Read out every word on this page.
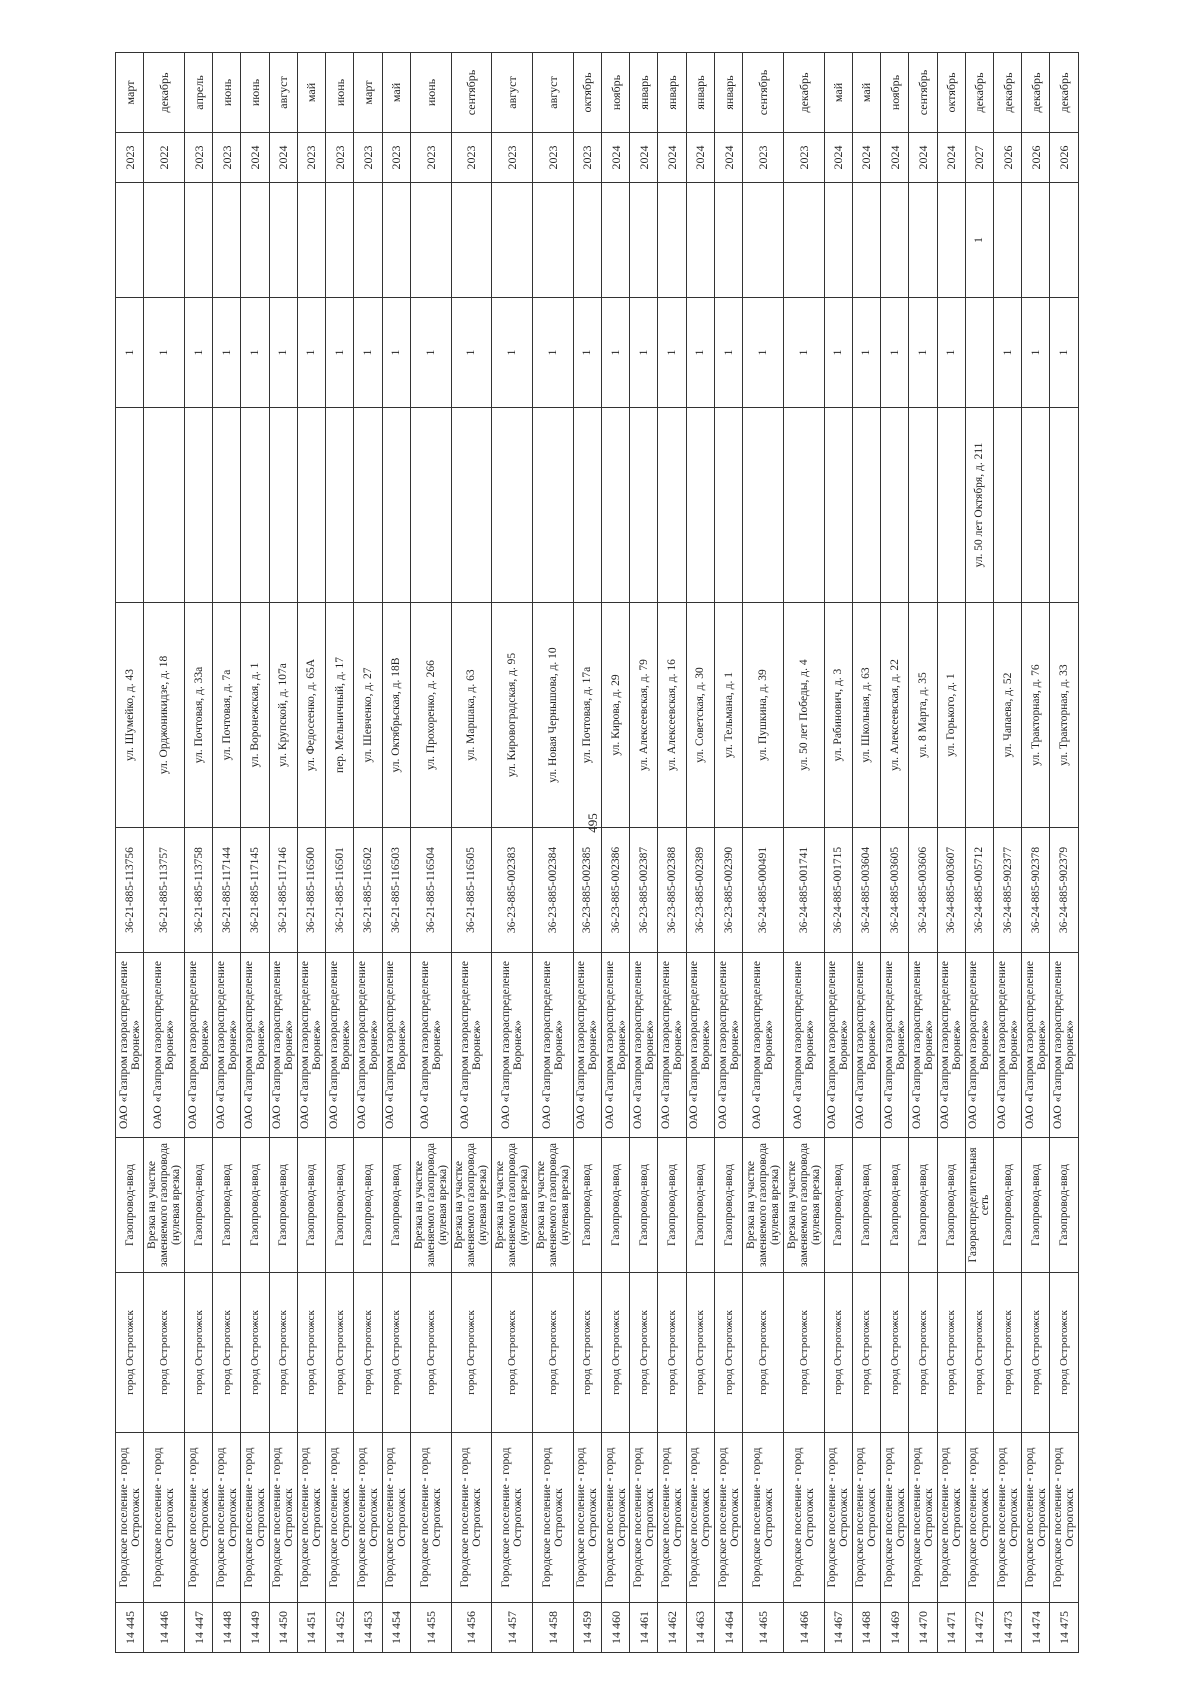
495
14 445	Городское поселение - город Острогожск	город Острогожск	Газопровод-ввод	ОАО «Газпром газораспределение Воронеж»	36-21-885-113756	ул. Шумейко, д. 43		1		2023	март
14 446	Городское поселение - город Острогожск	город Острогожск	Врезка на участке заменяемого газопровода (нулевая врезка)	ОАО «Газпром газораспределение Воронеж»	36-21-885-113757	ул. Орджоникидзе, д. 18		1		2022	декабрь
14 447	Городское поселение - город Острогожск	город Острогожск	Газопровод-ввод	ОАО «Газпром газораспределение Воронеж»	36-21-885-113758	ул. Почтовая, д. 33а		1		2023	апрель
14 448	Городское поселение - город Острогожск	город Острогожск	Газопровод-ввод	ОАО «Газпром газораспределение Воронеж»	36-21-885-117144	ул. Почтовая, д. 7а		1		2023	июнь
14 449	Городское поселение - город Острогожск	город Острогожск	Газопровод-ввод	ОАО «Газпром газораспределение Воронеж»	36-21-885-117145	ул. Воронежская, д. 1		1		2024	июнь
14 450	Городское поселение - город Острогожск	город Острогожск	Газопровод-ввод	ОАО «Газпром газораспределение Воронеж»	36-21-885-117146	ул. Крупской, д. 107а		1		2024	август
14 451	Городское поселение - город Острогожск	город Острогожск	Газопровод-ввод	ОАО «Газпром газораспределение Воронеж»	36-21-885-116500	ул. Федосеенко, д. 65А		1		2023	май
14 452	Городское поселение - город Острогожск	город Острогожск	Газопровод-ввод	ОАО «Газпром газораспределение Воронеж»	36-21-885-116501	пер. Мельничный, д. 17		1		2023	июнь
14 453	Городское поселение - город Острогожск	город Острогожск	Газопровод-ввод	ОАО «Газпром газораспределение Воронеж»	36-21-885-116502	ул. Шевченко, д. 27		1		2023	март
14 454	Городское поселение - город Острогожск	город Острогожск	Газопровод-ввод	ОАО «Газпром газораспределение Воронеж»	36-21-885-116503	ул. Октябрьская, д. 18В		1		2023	май
14 455	Городское поселение - город Острогожск	город Острогожск	Врезка на участке заменяемого газопровода (нулевая врезка)	ОАО «Газпром газораспределение Воронеж»	36-21-885-116504	ул. Прохоренко, д. 266		1		2023	июнь
14 456	Городское поселение - город Острогожск	город Острогожск	Врезка на участке заменяемого газопровода (нулевая врезка)	ОАО «Газпром газораспределение Воронеж»	36-21-885-116505	ул. Маршака, д. 63		1		2023	сентябрь
14 457	Городское поселение - город Острогожск	город Острогожск	Врезка на участке заменяемого газопровода (нулевая врезка)	ОАО «Газпром газораспределение Воронеж»	36-23-885-002383	ул. Кировоградская, д. 95		1		2023	август
14 458	Городское поселение - город Острогожск	город Острогожск	Врезка на участке заменяемого газопровода (нулевая врезка)	ОАО «Газпром газораспределение Воронеж»	36-23-885-002384	ул. Новая Чернышова, д. 10		1		2023	август
14 459	Городское поселение - город Острогожск	город Острогожск	Газопровод-ввод	ОАО «Газпром газораспределение Воронеж»	36-23-885-002385	ул. Почтовая, д. 17а		1		2023	октябрь
14 460	Городское поселение - город Острогожск	город Острогожск	Газопровод-ввод	ОАО «Газпром газораспределение Воронеж»	36-23-885-002386	ул. Кирова, д. 29		1		2024	ноябрь
14 461	Городское поселение - город Острогожск	город Острогожск	Газопровод-ввод	ОАО «Газпром газораспределение Воронеж»	36-23-885-002387	ул. Алексеевская, д. 79		1		2024	январь
14 462	Городское поселение - город Острогожск	город Острогожск	Газопровод-ввод	ОАО «Газпром газораспределение Воронеж»	36-23-885-002388	ул. Алексеевская, д. 16		1		2024	январь
14 463	Городское поселение - город Острогожск	город Острогожск	Газопровод-ввод	ОАО «Газпром газораспределение Воронеж»	36-23-885-002389	ул. Советская, д. 30		1		2024	январь
14 464	Городское поселение - город Острогожск	город Острогожск	Газопровод-ввод	ОАО «Газпром газораспределение Воронеж»	36-23-885-002390	ул. Тельмана, д. 1		1		2024	январь
14 465	Городское поселение - город Острогожск	город Острогожск	Врезка на участке заменяемого газопровода (нулевая врезка)	ОАО «Газпром газораспределение Воронеж»	36-24-885-000491	ул. Пушкина, д. 39		1		2023	сентябрь
14 466	Городское поселение - город Острогожск	город Острогожск	Врезка на участке заменяемого газопровода (нулевая врезка)	ОАО «Газпром газораспределение Воронеж»	36-24-885-001741	ул. 50 лет Победы, д. 4		1		2023	декабрь
14 467	Городское поселение - город Острогожск	город Острогожск	Газопровод-ввод	ОАО «Газпром газораспределение Воронеж»	36-24-885-001715	ул. Рабинович, д. 3		1		2024	май
14 468	Городское поселение - город Острогожск	город Острогожск	Газопровод-ввод	ОАО «Газпром газораспределение Воронеж»	36-24-885-003604	ул. Школьная, д. 63		1		2024	май
14 469	Городское поселение - город Острогожск	город Острогожск	Газопровод-ввод	ОАО «Газпром газораспределение Воронеж»	36-24-885-003605	ул. Алексеевская, д. 22		1		2024	ноябрь
14 470	Городское поселение - город Острогожск	город Острогожск	Газопровод-ввод	ОАО «Газпром газораспределение Воронеж»	36-24-885-003606	ул. 8 Марта, д. 35		1		2024	сентябрь
14 471	Городское поселение - город Острогожск	город Острогожск	Газопровод-ввод	ОАО «Газпром газораспределение Воронеж»	36-24-885-003607	ул. Горького, д. 1		1		2024	октябрь
14 472	Городское поселение - город Острогожск	город Острогожск	Газораспределительная сеть	ОАО «Газпром газораспределение Воронеж»	36-24-885-005712		ул. 50 лет Октября, д. 211		1	2027	декабрь
14 473	Городское поселение - город Острогожск	город Острогожск	Газопровод-ввод	ОАО «Газпром газораспределение Воронеж»	36-24-885-902377	ул. Чапаева, д. 52		1		2026	декабрь
14 474	Городское поселение - город Острогожск	город Острогожск	Газопровод-ввод	ОАО «Газпром газораспределение Воронеж»	36-24-885-902378	ул. Тракторная, д. 76		1		2026	декабрь
14 475	Городское поселение - город Острогожск	город Острогожск	Газопровод-ввод	ОАО «Газпром газораспределение Воронеж»	36-24-885-902379	ул. Тракторная, д. 33		1		2026	декабрь
